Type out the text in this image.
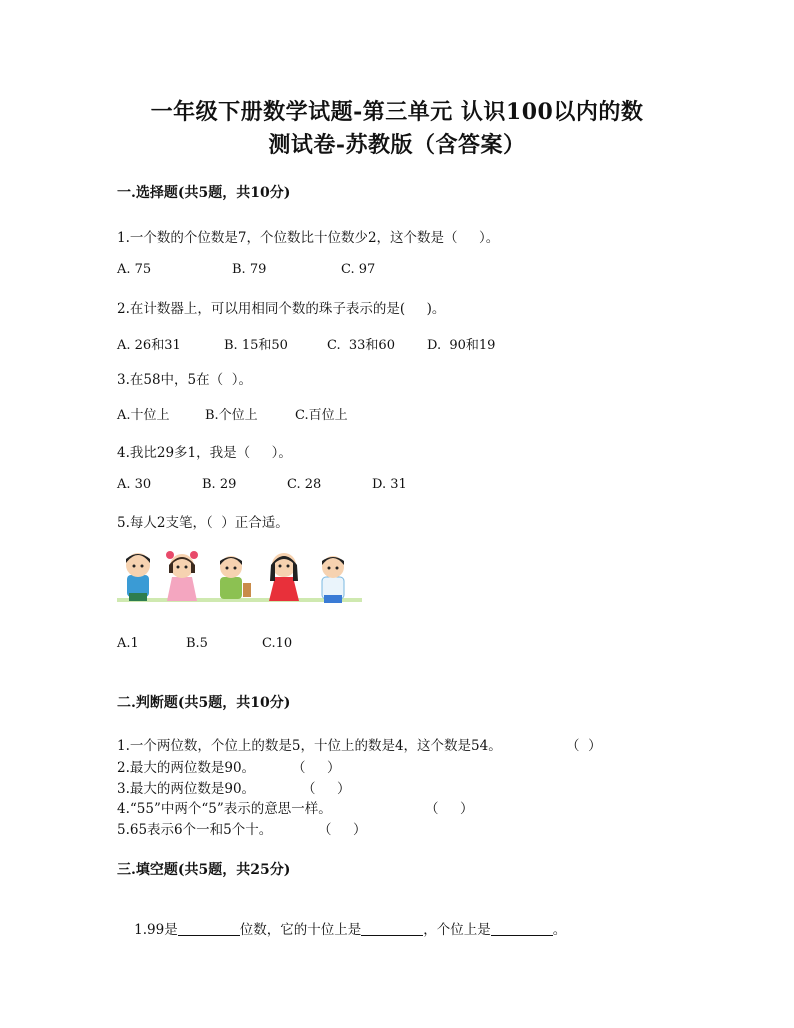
一年级下册数学试题-第三单元 认识100以内的数
测试卷-苏教版（含答案）
一.选择题(共5题，共10分)
1.一个数的个位数是7，个位数比十位数少2，这个数是（     ）。
A. 75	B. 79	C. 97
2.在计数器上，可以用相同个数的珠子表示的是(     )。
A. 26和31	B. 15和50	C.  33和60 D.  90和19
3.在58中，5在（  ）。
A.十位上	B.个位上	C.百位上
4.我比29多1，我是（     ）。
A. 30	B. 29	C. 28	D. 31
5.每人2支笔，（  ）正合适。
A.1	B.5	C.10
二.判断题(共5题，共10分)
1.一个两位数，个位上的数是5，十位上的数是4，这个数是54。	（  ）
2.最大的两位数是90。	（     ）
3.最大的两位数是90。	（     ）
4.“55”中两个“5”表示的意思一样。	（     ）
5.65表示6个一和5个十。	（     ）
三.填空题(共5题，共25分)

1.99是	位数，它的十位上是	，个位上是	。
